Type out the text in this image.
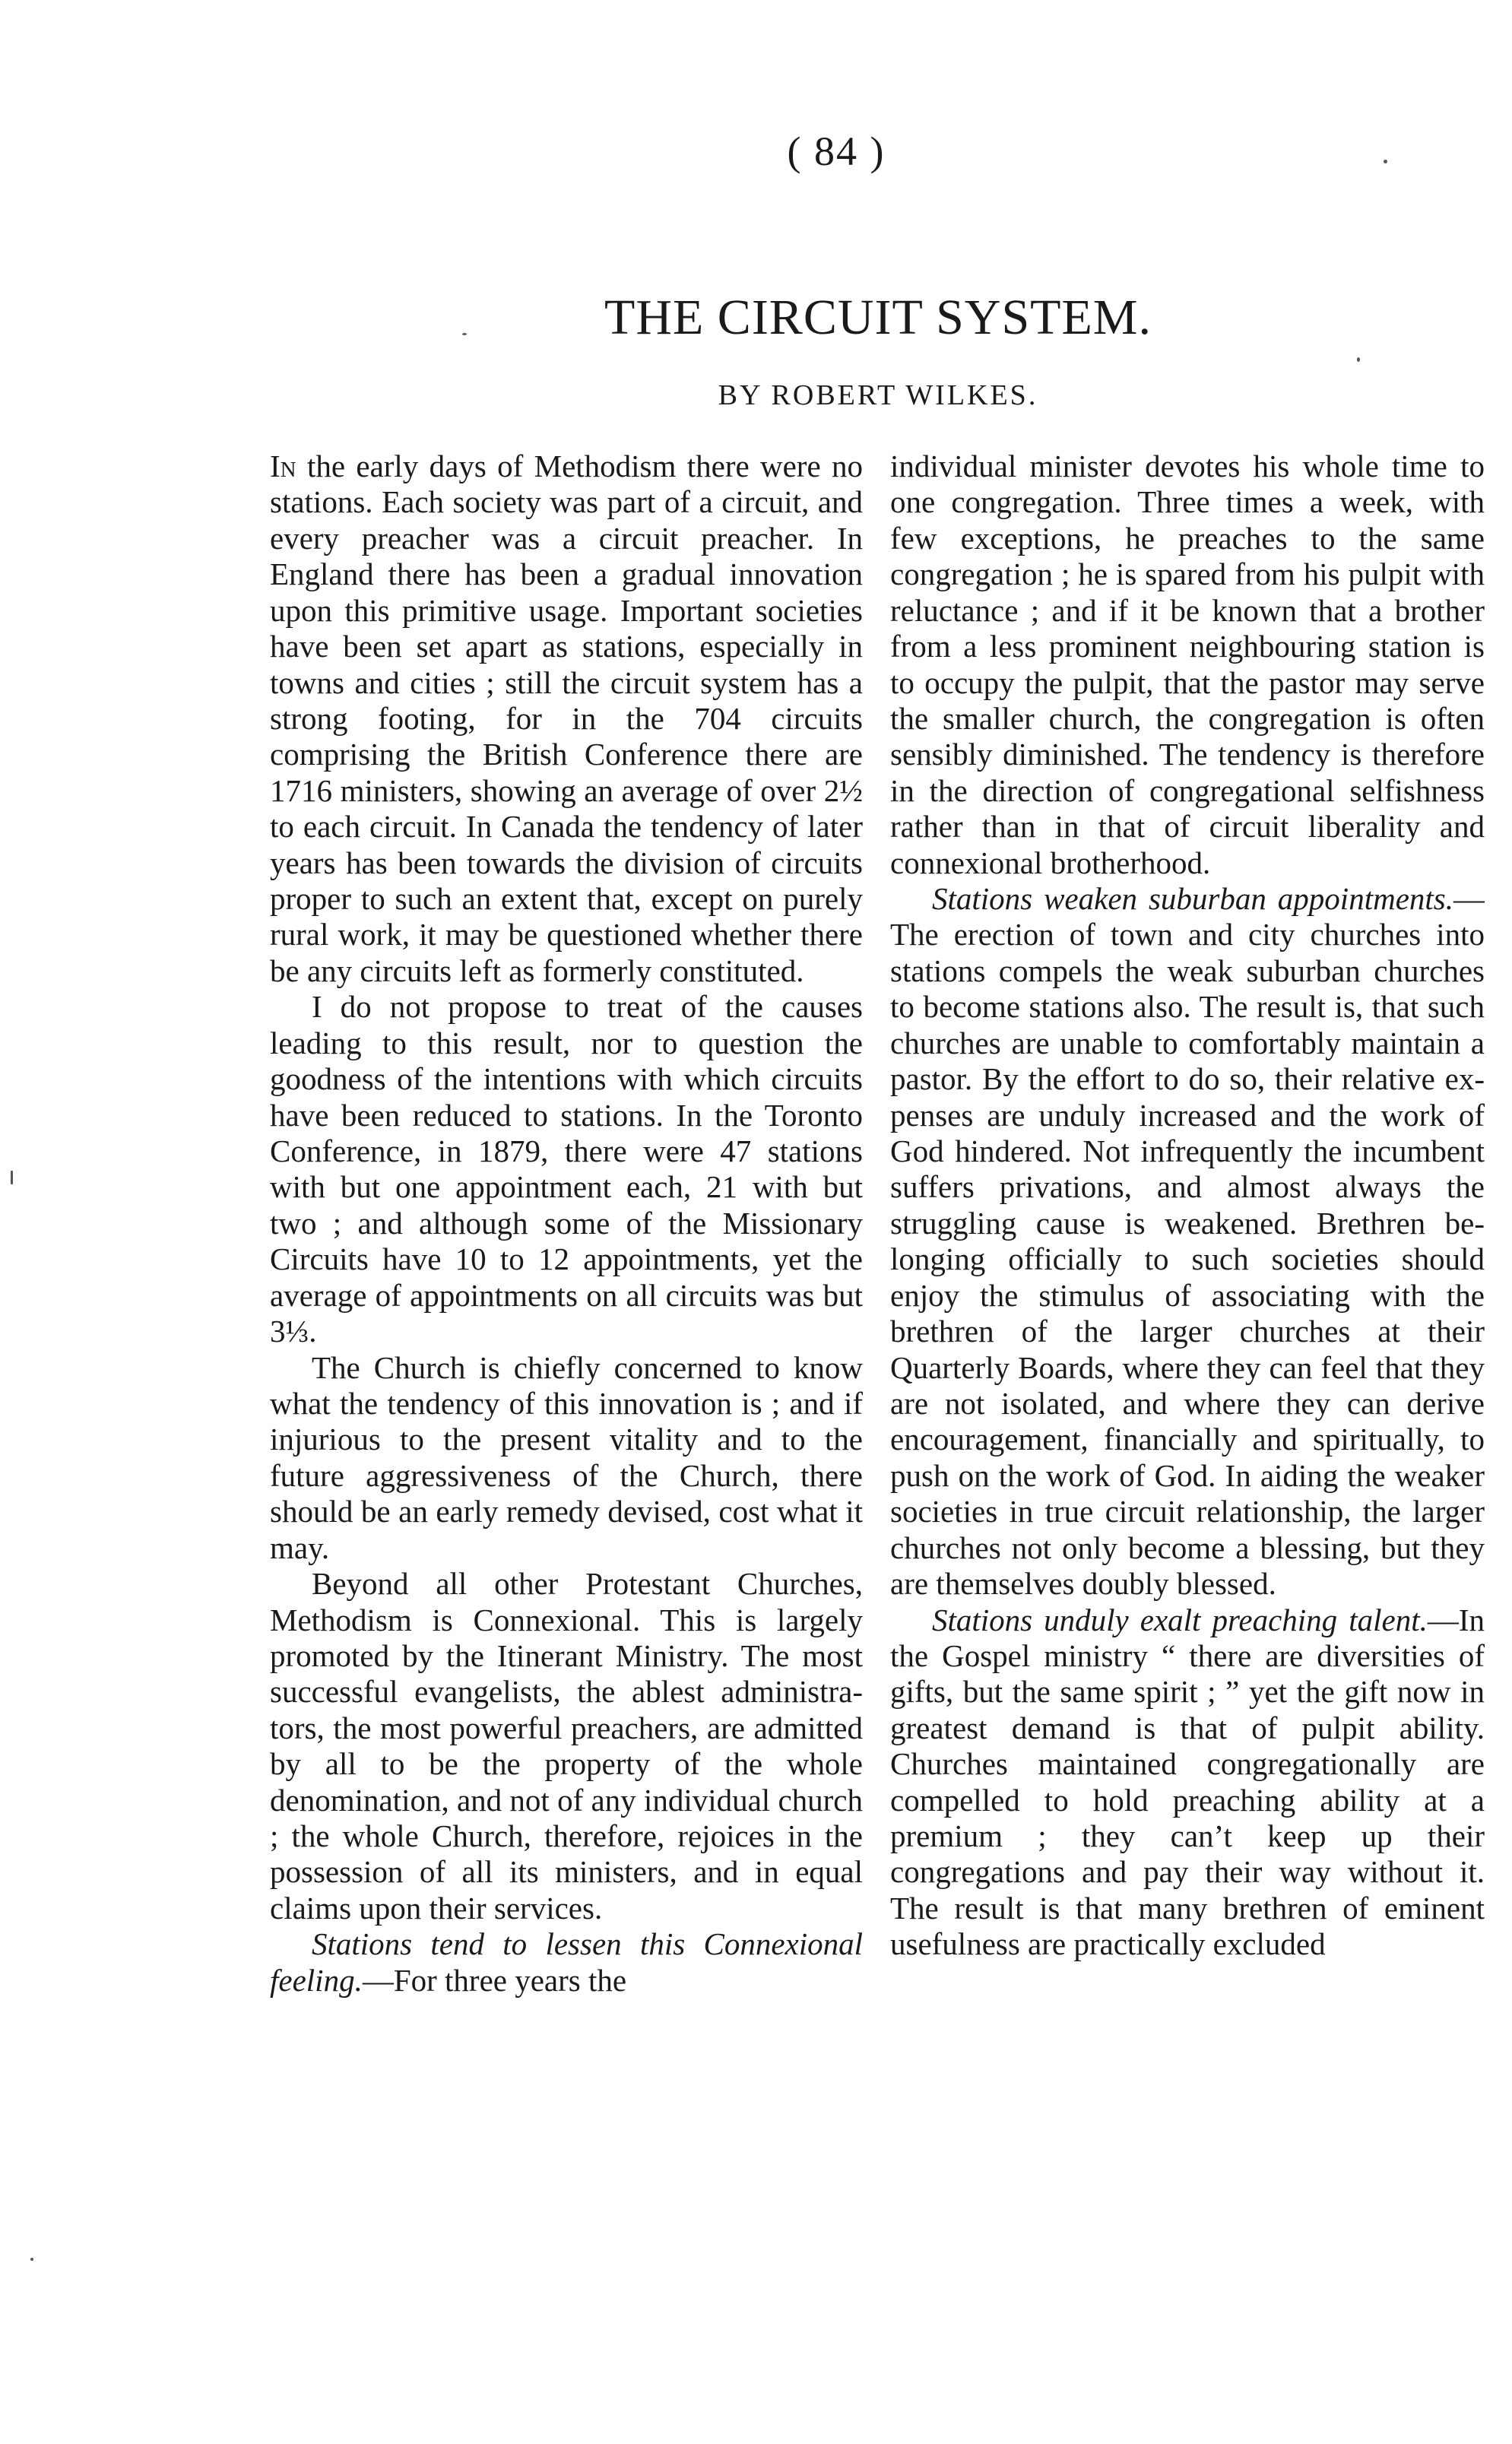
( 84 )
THE CIRCUIT SYSTEM.
BY ROBERT WILKES.

In the early days of Methodism there were no stations. Each society was part of a circuit, and every preacher was a circuit preacher. In England there has been a gradual innovation upon this primitive usage. Important societies have been set apart as stations, especially in towns and cities ; still the circuit system has a strong footing, for in the 704 circuits comprising the British Conference there are 1716 ministers, showing an average of over 2½ to each circuit. In Canada the tendency of later years has been towards the division of circuits proper to such an extent that, except on purely rural work, it may be questioned whether there be any circuits left as formerly constituted.

I do not propose to treat of the causes leading to this result, nor to question the goodness of the intentions with which circuits have been reduced to stations. In the Toronto Conference, in 1879, there were 47 stations with but one appointment each, 21 with but two ; and although some of the Missionary Circuits have 10 to 12 appointments, yet the average of appointments on all circuits was but 3⅓.

The Church is chiefly concerned to know what the tendency of this innovation is ; and if injurious to the present vitality and to the future aggressiveness of the Church, there should be an early remedy devised, cost what it may.

Beyond all other Protestant Churches, Methodism is Connexional. This is largely promoted by the Itinerant Ministry. The most successful evangelists, the ablest administrators, the most powerful preachers, are admitted by all to be the property of the whole denomination, and not of any individual church ; the whole Church, therefore, rejoices in the possession of all its ministers, and in equal claims upon their services.

Stations tend to lessen this Connexional feeling.—For three years the

individual minister devotes his whole time to one congregation. Three times a week, with few exceptions, he preaches to the same congregation ; he is spared from his pulpit with reluctance ; and if it be known that a brother from a less prominent neighbouring station is to occupy the pulpit, that the pastor may serve the smaller church, the congregation is often sensibly diminished. The tendency is therefore in the direction of congregational selfishness rather than in that of circuit liberality and connexional brotherhood.

Stations weaken suburban appointments.—The erection of town and city churches into stations compels the weak suburban churches to become stations also. The result is, that such churches are unable to comfortably maintain a pastor. By the effort to do so, their relative expenses are unduly increased and the work of God hindered. Not infrequently the incumbent suffers privations, and almost always the struggling cause is weakened. Brethren belonging officially to such societies should enjoy the stimulus of associating with the brethren of the larger churches at their Quarterly Boards, where they can feel that they are not isolated, and where they can derive encouragement, financially and spiritually, to push on the work of God. In aiding the weaker societies in true circuit relationship, the larger churches not only become a blessing, but they are themselves doubly blessed.

Stations unduly exalt preaching talent.—In the Gospel ministry “ there are diversities of gifts, but the same spirit ; ” yet the gift now in greatest demand is that of pulpit ability. Churches maintained congregationally are compelled to hold preaching ability at a premium ; they can’t keep up their congregations and pay their way without it. The result is that many brethren of eminent usefulness are practically excluded
